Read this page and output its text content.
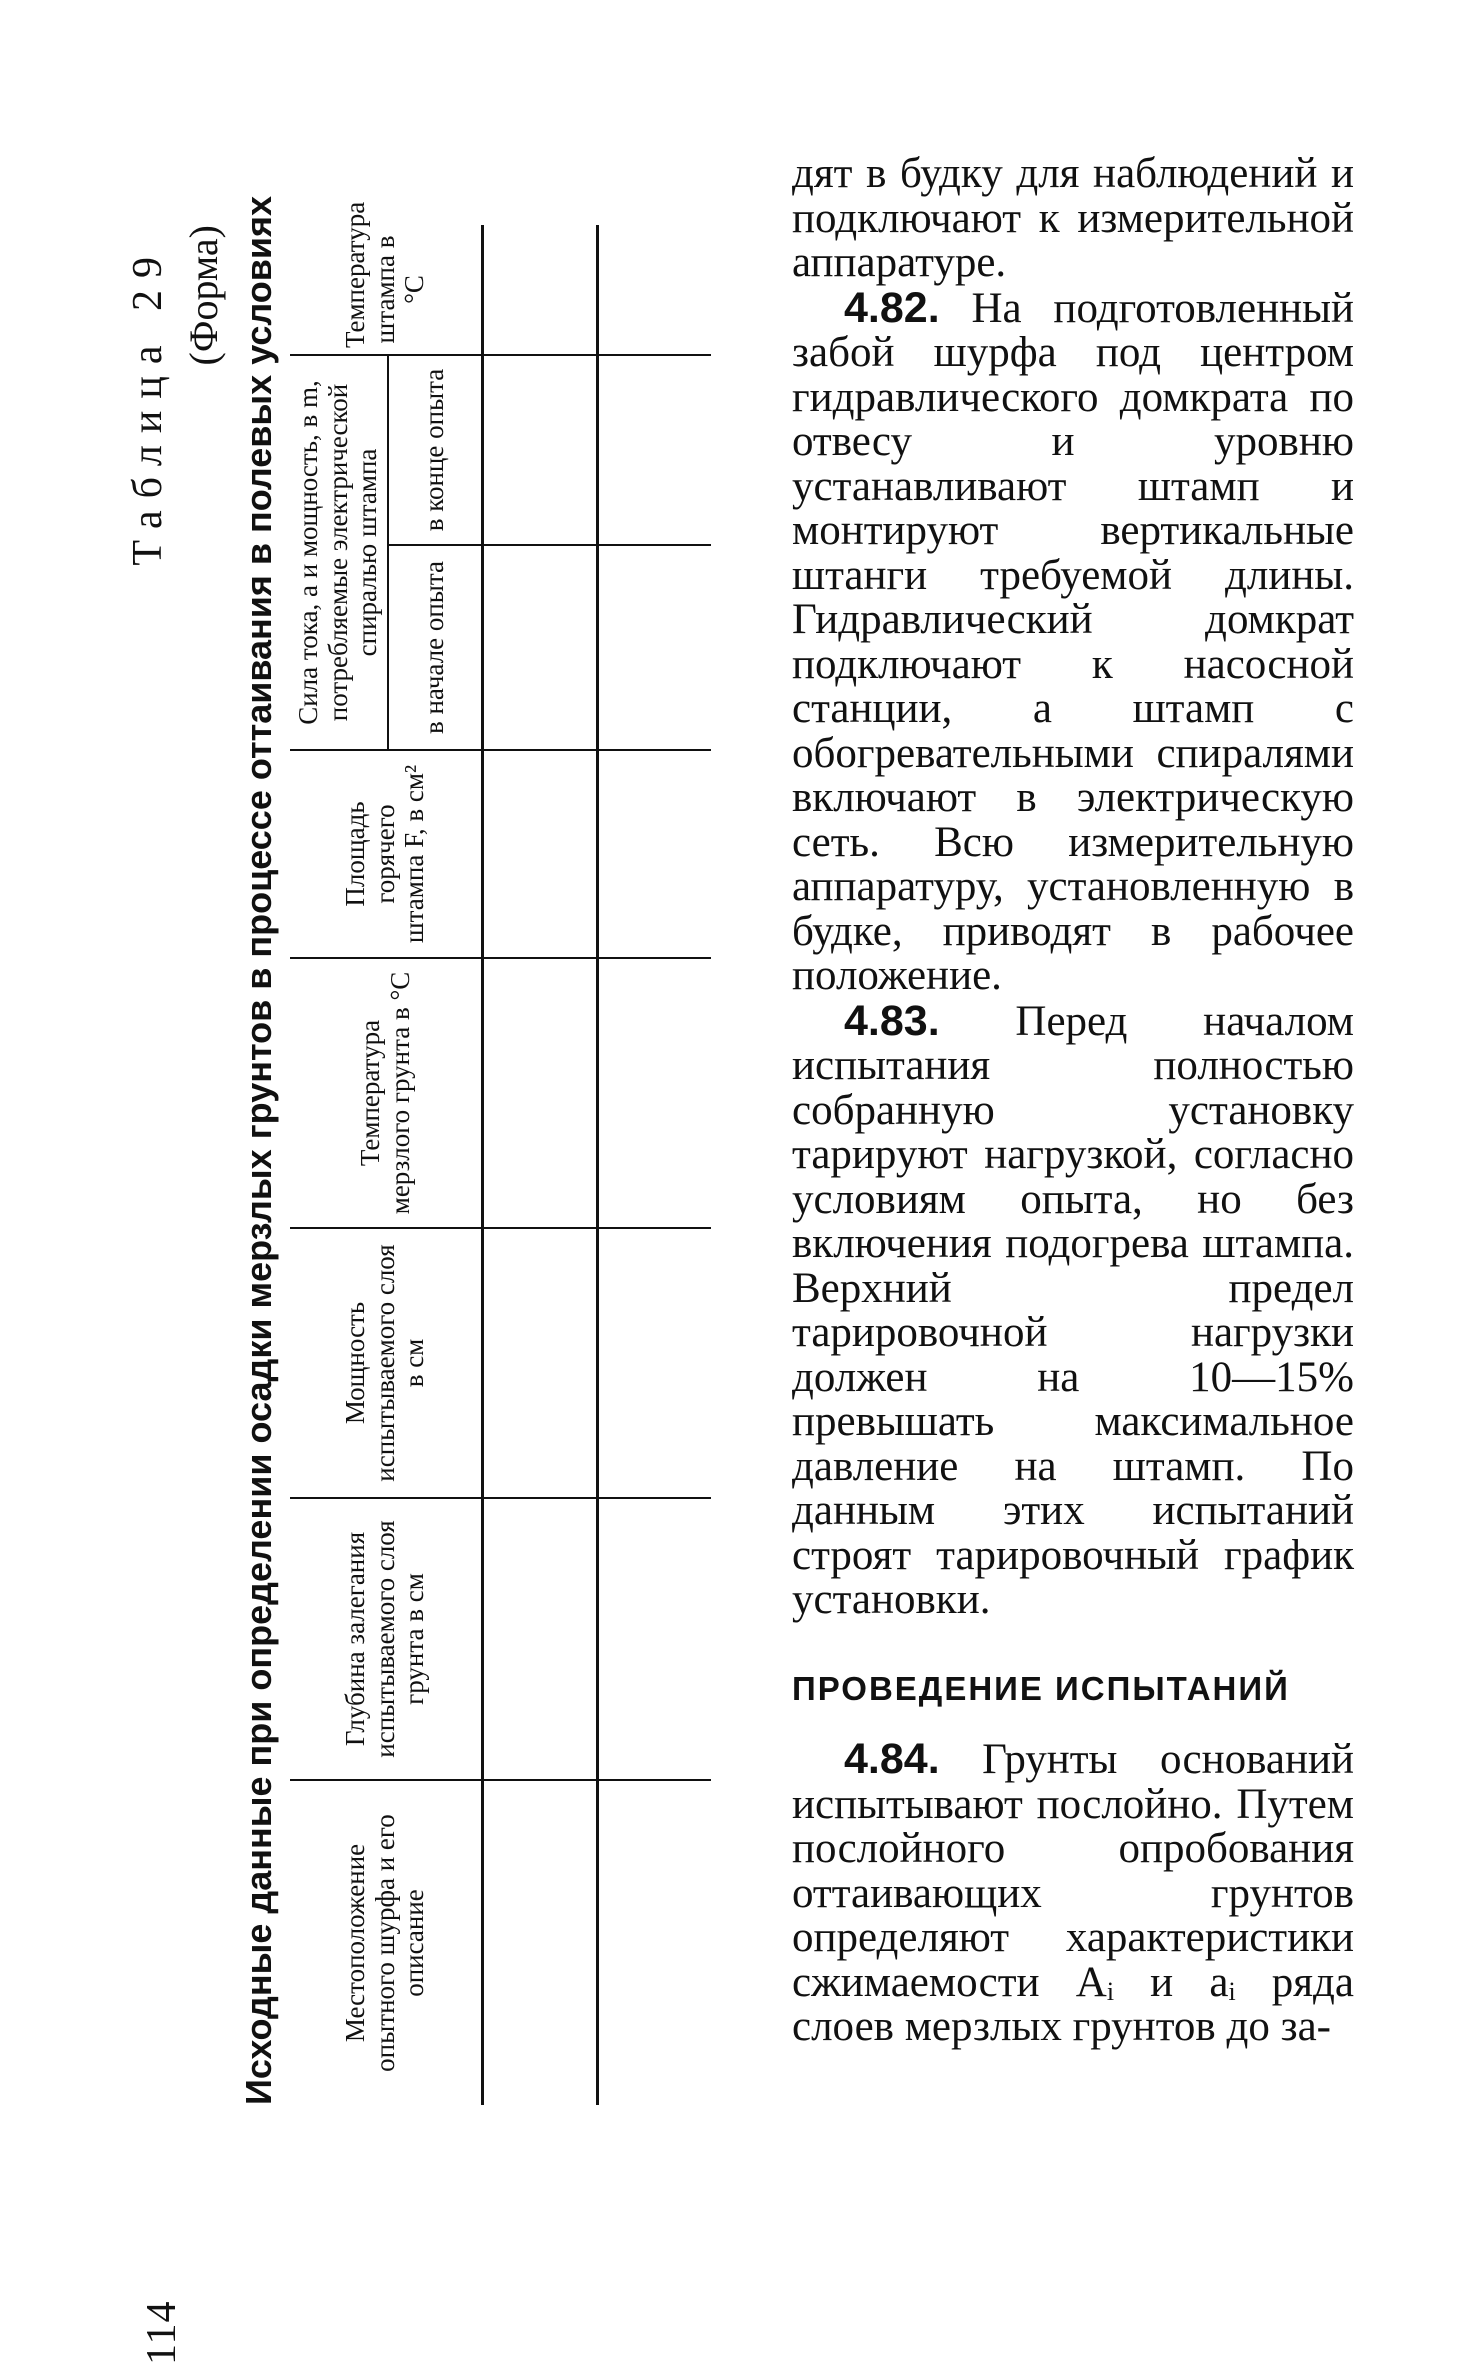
114
Таблица 29 (Форма) Исходные данные при определении осадки мерзлых грунтов в процессе оттаивания в полевых условиях Местоположение опытного шурфа и его описание	Глубина залегания испытываемого слоя грунта в см	Мощность испытываемого слоя в см	Температура мерзлого грунта в °C	Площадь горячего штампа F, в см²	Сила тока, а и мощность, в m, потребляемые электрической спиралью штампа		Температура штампа в °C
					в начале опыта	в конце опыта	

дят в будку для наблюдений и подключают к измерительной аппаратуре.

4.82. На подготовленный забой шурфа под центром гидравлического домкрата по отвесу и уровню устанавливают штамп и монтируют вертикальные штанги требуемой длины. Гидравлический домкрат подключают к насосной станции, а штамп с обогревательными спиралями включают в электрическую сеть. Всю измерительную аппаратуру, установленную в будке, приводят в рабочее положение.

4.83. Перед началом испытания полностью собранную установку тарируют нагрузкой, согласно условиям опыта, но без включения подогрева штампа. Верхний предел тарировочной нагрузки должен на 10—15% превышать максимальное давление на штамп. По данным этих испытаний строят тарировочный график установки.

ПРОВЕДЕНИЕ ИСПЫТАНИЙ

4.84. Грунты оснований испытывают послойно. Путем послойного опробования оттаивающих грунтов определяют характеристики сжимаемости Aᵢ и aᵢ ряда слоев мерзлых грунтов до за-
